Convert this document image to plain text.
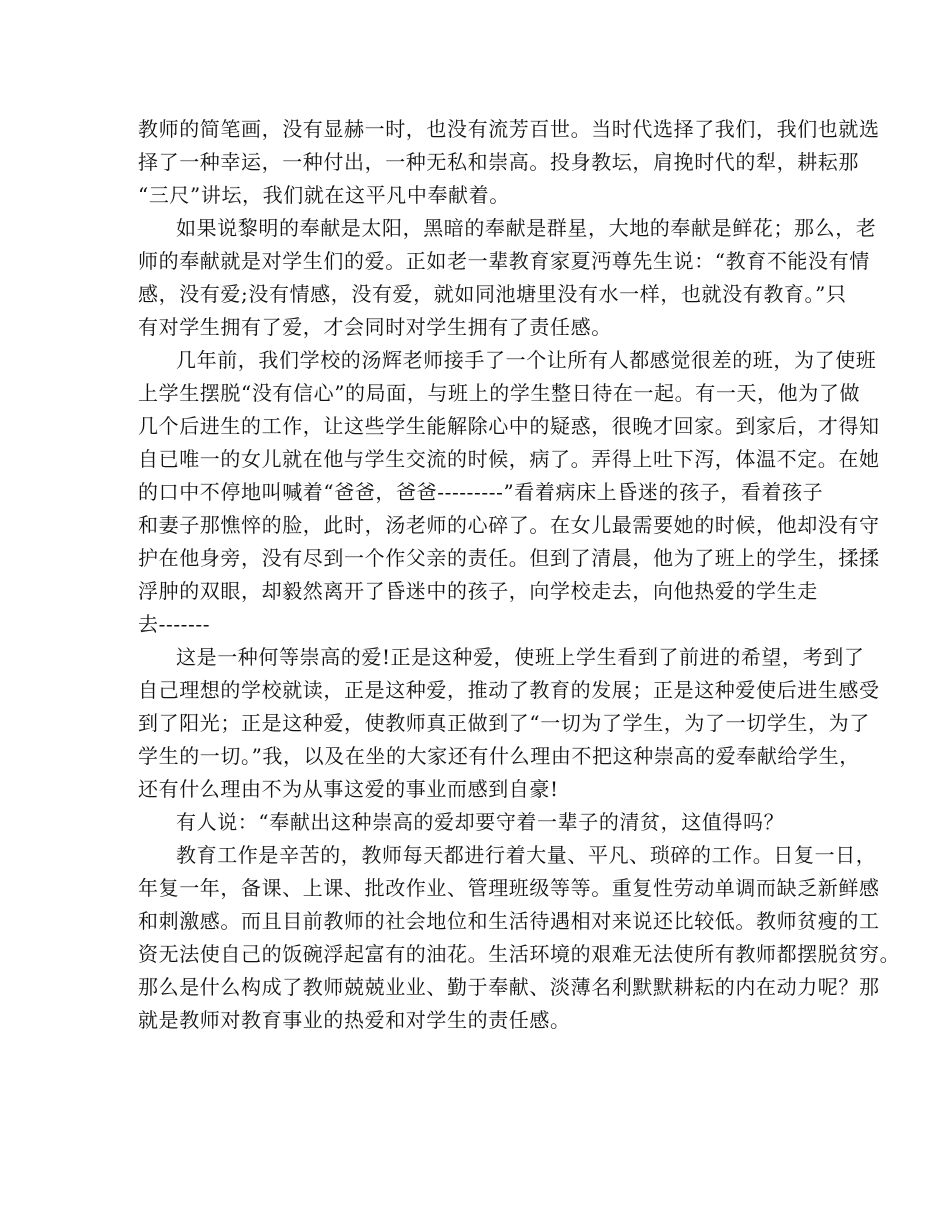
教师的简笔画，没有显赫一时，也没有流芳百世。当时代选择了我们，我们也就选
择了一种幸运，一种付出，一种无私和崇高。投身教坛，肩挽时代的犁，耕耘那
“三尺”讲坛，我们就在这平凡中奉献着。
如果说黎明的奉献是太阳，黑暗的奉献是群星，大地的奉献是鲜花；那么，老
师的奉献就是对学生们的爱。正如老一辈教育家夏沔尊先生说：“教育不能没有情
感，没有爱;没有情感，没有爱，就如同池塘里没有水一样，也就没有教育。”只
有对学生拥有了爱，才会同时对学生拥有了责任感。
几年前，我们学校的汤辉老师接手了一个让所有人都感觉很差的班，为了使班
上学生摆脱“没有信心”的局面，与班上的学生整日待在一起。有一天，他为了做
几个后进生的工作，让这些学生能解除心中的疑惑，很晚才回家。到家后，才得知
自已唯一的女儿就在他与学生交流的时候，病了。弄得上吐下泻，体温不定。在她
的口中不停地叫喊着“爸爸，爸爸---------”看着病床上昏迷的孩子，看着孩子
和妻子那憔悴的脸，此时，汤老师的心碎了。在女儿最需要她的时候，他却没有守
护在他身旁，没有尽到一个作父亲的责任。但到了清晨，他为了班上的学生，揉揉
浮肿的双眼，却毅然离开了昏迷中的孩子，向学校走去，向他热爱的学生走
去-------
这是一种何等崇高的爱!正是这种爱，使班上学生看到了前进的希望，考到了
自己理想的学校就读，正是这种爱，推动了教育的发展；正是这种爱使后进生感受
到了阳光；正是这种爱，使教师真正做到了“一切为了学生，为了一切学生，为了
学生的一切。”我，以及在坐的大家还有什么理由不把这种崇高的爱奉献给学生，
还有什么理由不为从事这爱的事业而感到自豪!
有人说：“奉献出这种崇高的爱却要守着一辈子的清贫，这值得吗？
教育工作是辛苦的，教师每天都进行着大量、平凡、琐碎的工作。日复一日，
年复一年，备课、上课、批改作业、管理班级等等。重复性劳动单调而缺乏新鲜感
和刺激感。而且目前教师的社会地位和生活待遇相对来说还比较低。教师贫瘦的工
资无法使自己的饭碗浮起富有的油花。生活环境的艰难无法使所有教师都摆脱贫穷。
那么是什么构成了教师兢兢业业、勤于奉献、淡薄名利默默耕耘的内在动力呢？那
就是教师对教育事业的热爱和对学生的责任感。
